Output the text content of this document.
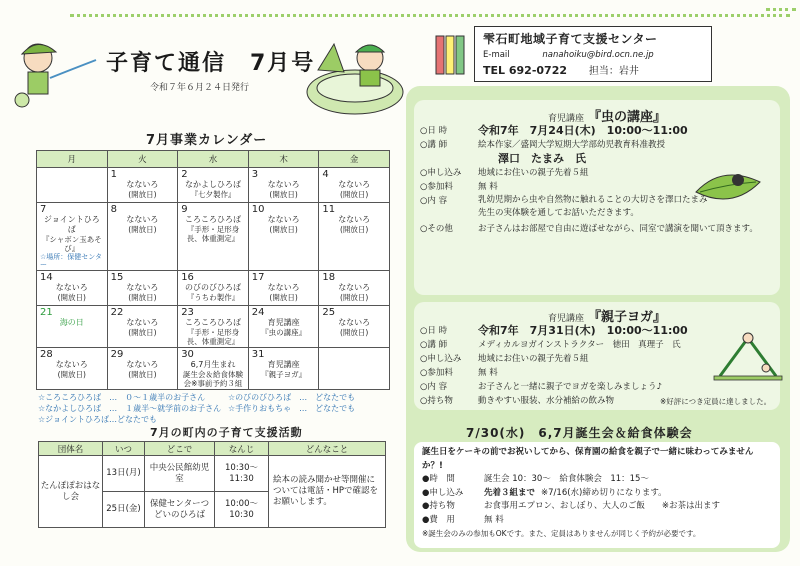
子育て通信　7月号
令和７年６月２４日発行
雫石町地域子育て支援センター
E-mail	nanahoiku@bird.ocn.ne.jp
TEL 692-0722 担当：岩井
7月事業カレンダー
月	火	水	木	金

	1
なないろ
(開放日)	2
なかよしひろば
『七夕製作』	3
なないろ
(開放日)	4
なないろ
(開放日)

7
ジョイントひろば
『シャボン玉あそび』
☆場所：保健センター	8
なないろ
(開放日)	9
ころころひろば
『手形・足形身長、体重測定』	10
なないろ
(開放日)	11
なないろ
(開放日)

14
なないろ
(開放日)	15
なないろ
(開放日)	16
のびのびひろば
『うちわ製作』	17
なないろ
(開放日)	18
なないろ
(開放日)

21
海の日	22
なないろ
(開放日)	23
ころころひろば
『手形・足形身長、体重測定』	24
育児講座
『虫の講座』	25
なないろ
(開放日)

28
なないろ
(開放日)	29
なないろ
(開放日)	30
6,7月生まれ
誕生会＆給食体験会※事前予約３組	31
育児講座
『親子ヨガ』	

☆ころころひろば　…　０～１歳半のお子さん	☆のびのびひろば　…　どなたでも
☆なかよしひろば　…　１歳半～就学前のお子さん ☆手作りおもちゃ　…　どなたでも
☆ジョイントひろば…どなたでも
7月の町内の子育て支援活動
団体名	いつ	どこで	なんじ	どんなこと
たんぽぽおはなし会	13日(月)	中央公民館幼児室	10:30～11:30	絵本の読み聞かせ等開催については電話・HPで確認をお願いします。
	25日(金)	保健センターつどいのひろば	10:00～10:30	
育児講座 『虫の講座』
○日 時	令和7年　7月24日(木)　10:00～11:00
○講 師	絵本作家／盛岡大学短期大学部幼児教育科准教授
澤口　たまみ　氏
○申し込み	地域にお住いの親子先着５組
○参加料	無 料
○内 容	乳幼児期から虫や自然物に触れることの大切さを澤口たまみ先生の実体験を通してお話いただきます。
○その他	お子さんはお部屋で自由に遊ばせながら、同室で講演を聞いて頂きます。
育児講座 『親子ヨガ』
○日 時	令和7年　7月31日(木)　10:00～11:00
○講 師	メディカルヨガインストラクター　徳田　真理子　氏
○申し込み	地域にお住いの親子先着５組
○参加料	無 料
○内 容	お子さんと一緒に親子でヨガを楽しみましょう♪
○持ち物	動きやすい服装、水分補給の飲み物	※好評につき定員に達しました。
7/30(水)　6,7月誕生会＆給食体験会
誕生日をケーキの前でお祝いしてから、保育園の給食を親子で一緒に味わってみませんか？!
●時　間	誕生会 10：30～　給食体験会　11：15～
●申し込み	先着３組まで ※7/16(水)締め切りになります。
●持ち物	お食事用エプロン、おしぼり、大人のご飯　　※お茶は出ます
●費　用	無 料
※誕生会のみの参加もOKです。また、定員はありませんが同じく予約が必要です。
